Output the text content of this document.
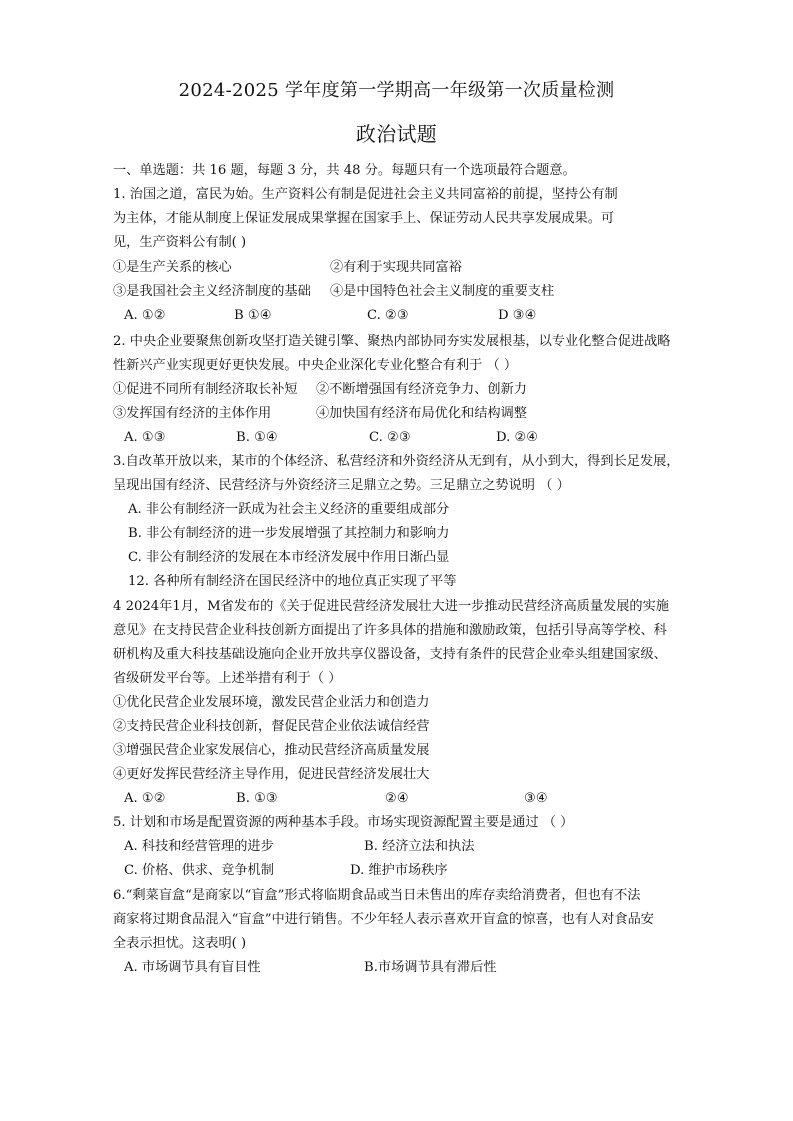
2024-2025 学年度第一学期高一年级第一次质量检测
政治试题
一、单选题：共 16 题，每题 3 分，共 48 分。每题只有一个选项最符合题意。
1. 治国之道，富民为始。生产资料公有制是促进社会主义共同富裕的前提，坚持公有制
为主体，才能从制度上保证发展成果掌握在国家手上、保证劳动人民共享发展成果。可
见，生产资料公有制( )
①是生产关系的核心	②有利于实现共同富裕
③是我国社会主义经济制度的基础 ④是中国特色社会主义制度的重要支柱
A. ①②	B ①④	C. ②③	D ③④
2. 中央企业要聚焦创新攻坚打造关键引擎、聚热内部协同夯实发展根基，以专业化整合促进战略
性新兴产业实现更好更快发展。中央企业深化专业化整合有利于 （ ）
①促进不同所有制经济取长补短 ②不断增强国有经济竞争力、创新力
③发挥国有经济的主体作用	④加快国有经济布局优化和结构调整
A. ①③	B. ①④	C. ②③	D. ②④
3.自改革开放以来，某市的个体经济、私营经济和外资经济从无到有，从小到大，得到长足发展，
呈现出国有经济、民营经济与外资经济三足鼎立之势。三足鼎立之势说明 （ ）
A. 非公有制经济一跃成为社会主义经济的重要组成部分
B. 非公有制经济的进一步发展增强了其控制力和影响力
C. 非公有制经济的发展在本市经济发展中作用日渐凸显
12. 各种所有制经济在国民经济中的地位真正实现了平等
4 2024年1月，M省发布的《关于促进民营经济发展壮大进一步推动民营经济高质量发展的实施
意见》在支持民营企业科技创新方面提出了许多具体的措施和激励政策，包括引导高等学校、科
研机构及重大科技基础设施向企业开放共享仪器设备，支持有条件的民营企业牵头组建国家级、
省级研发平台等。上述举措有利于（ ）
①优化民营企业发展环境，激发民营企业活力和创造力
②支持民营企业科技创新，督促民营企业依法诚信经营
③增强民营企业家发展信心，推动民营经济高质量发展
④更好发挥民营经济主导作用，促进民营经济发展壮大
A. ①②	B. ①③	②④	③④
5. 计划和市场是配置资源的两种基本手段。市场实现资源配置主要是通过 （ ）
A. 科技和经营管理的进步	B. 经济立法和执法
C. 价格、供求、竞争机制	D. 维护市场秩序
6.“剩菜盲盒“是商家以“盲盒”形式将临期食品或当日未售出的库存卖给消费者，但也有不法
商家将过期食品混入“盲盒”中进行销售。不少年轻人表示喜欢开盲盒的惊喜，也有人对食品安
全表示担忧。这表明( )
A. 市场调节具有盲目性	B.市场调节具有滞后性
